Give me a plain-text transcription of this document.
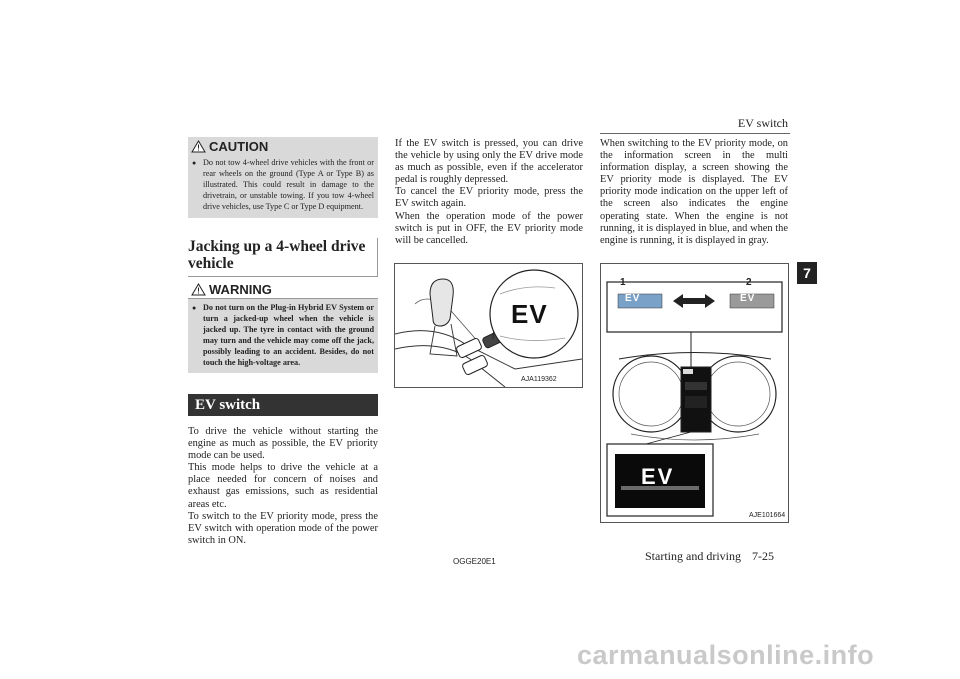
EV switch
7
CAUTION
● Do not tow 4-wheel drive vehicles with the front or rear wheels on the ground (Type A or Type B) as illustrated. This could result in damage to the drivetrain, or unstable towing. If you tow 4-wheel drive vehicles, use Type C or Type D equipment.

Jacking up a 4-wheel drive vehicle
WARNING
● Do not turn on the Plug-in Hybrid EV System or turn a jacked-up wheel when the vehicle is jacked up. The tyre in contact with the ground may turn and the vehicle may come off the jack, possibly leading to an accident. Besides, do not touch the high-voltage area.

EV switch

To drive the vehicle without starting the engine as much as possible, the EV priority mode can be used.

This mode helps to drive the vehicle at a place needed for concern of noises and exhaust gas emissions, such as residential areas etc.

To switch to the EV priority mode, press the EV switch with operation mode of the power switch in ON.

If the EV switch is pressed, you can drive the vehicle by using only the EV drive mode as much as possible, even if the accelerator pedal is roughly depressed.

To cancel the EV priority mode, press the EV switch again.

When the operation mode of the power switch is put in OFF, the EV priority mode will be cancelled.

EV
AJA119362

When switching to the EV priority mode, on the information screen in the multi information display, a screen showing the EV priority mode is displayed. The EV priority mode indication on the upper left of the screen also indicates the engine operating state. When the engine is not running, it is displayed in blue, and when the engine is running, it is displayed in gray.

1	2
EV	EV
EV
AJE101664
OGGE20E1	Starting and driving 7-25
carmanualsonline.info
